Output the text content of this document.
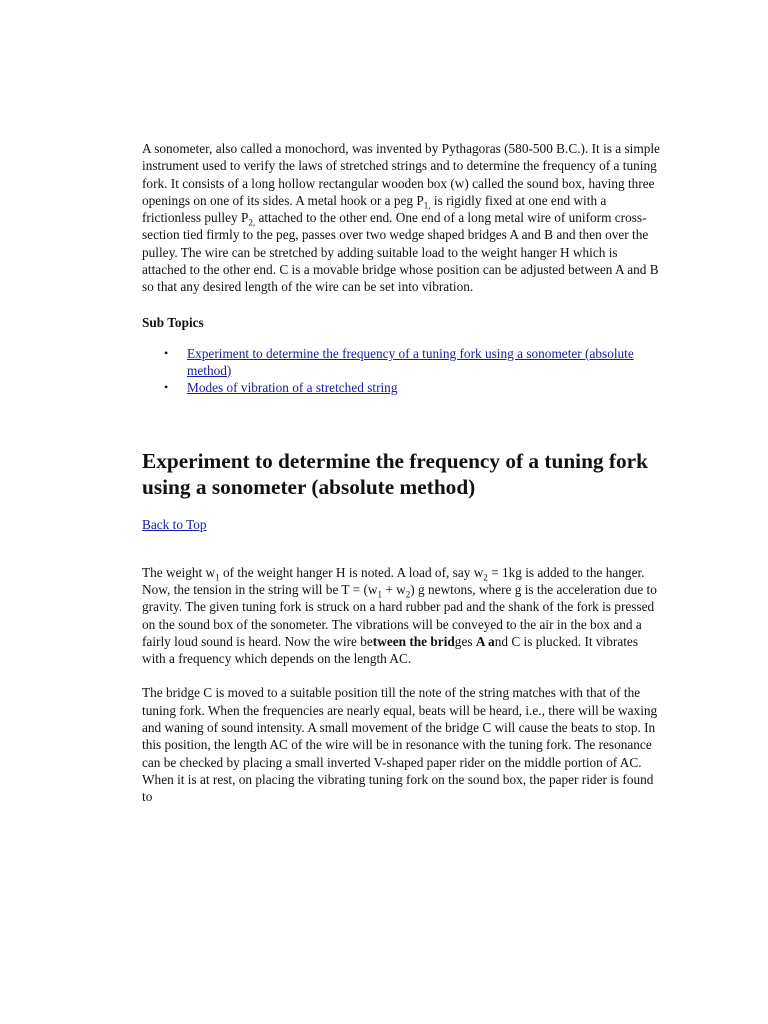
A sonometer, also called a monochord, was invented by Pythagoras (580-500 B.C.). It is a simple instrument used to verify the laws of stretched strings and to determine the frequency of a tuning fork. It consists of a long hollow rectangular wooden box (w) called the sound box, having three openings on one of its sides. A metal hook or a peg $P_{1,}$ is rigidly fixed at one end with a frictionless pulley $P_{2,}$ attached to the other end. One end of a long metal wire of uniform cross-section tied firmly to the peg, passes over two wedge shaped bridges A and B and then over the pulley. The wire can be stretched by adding suitable load to the weight hanger H which is attached to the other end. C is a movable bridge whose position can be adjusted between A and B so that any desired length of the wire can be set into vibration.

Sub Topics

• Experiment to determine the frequency of a tuning fork using a sonometer (absolute method)
• Modes of vibration of a stretched string
Experiment to determine the frequency of a tuning fork using a sonometer (absolute method)

Back to Top

The weight $w_1$ of the weight hanger H is noted. A load of, say $w_2 = 1kg$ is added to the hanger. Now, the tension in the string will be $T = (w_1 + w_2)$ g newtons, where g is the acceleration due to gravity. The given tuning fork is struck on a hard rubber pad and the shank of the fork is pressed on the sound box of the sonometer. The vibrations will be conveyed to the air in the box and a fairly loud sound is heard. Now the wire between the bridges A and C is plucked. It vibrates with a frequency which depends on the length AC.

The bridge C is moved to a suitable position till the note of the string matches with that of the tuning fork. When the frequencies are nearly equal, beats will be heard, i.e., there will be waxing and waning of sound intensity. A small movement of the bridge C will cause the beats to stop. In this position, the length AC of the wire will be in resonance with the tuning fork. The resonance can be checked by placing a small inverted V-shaped paper rider on the middle portion of AC. When it is at rest, on placing the vibrating tuning fork on the sound box, the paper rider is found to
